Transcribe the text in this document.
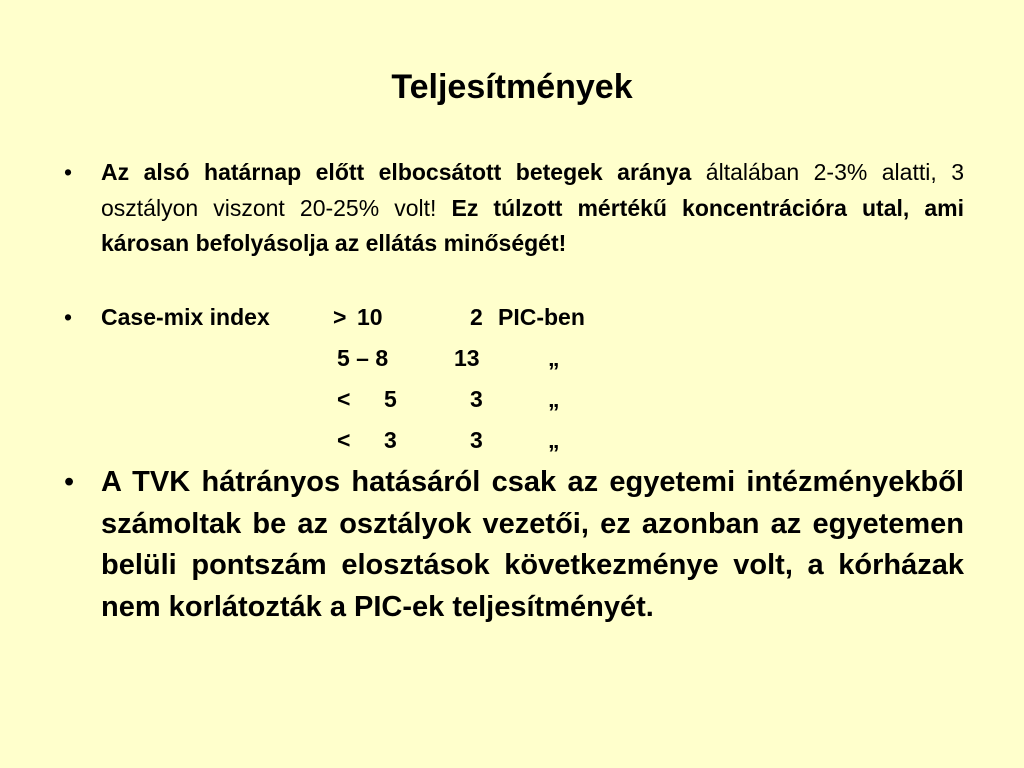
Teljesítmények
• Az alsó határnap előtt elbocsátott betegek aránya általában 2-3% alatti, 3 osztályon viszont 20-25% volt! Ez túlzott mértékű koncentrációra utal, ami károsan befolyásolja az ellátás minőségét!
• Case-mix index	> 10	2 PIC-ben
5 – 8	13	„
< 5	3	„
< 3	3	„
• A TVK hátrányos hatásáról csak az egyetemi intézményekből számoltak be az osztályok vezetői, ez azonban az egyetemen belüli pontszám elosztások következménye volt, a kórházak nem korlátozták a PIC-ek teljesítményét.
